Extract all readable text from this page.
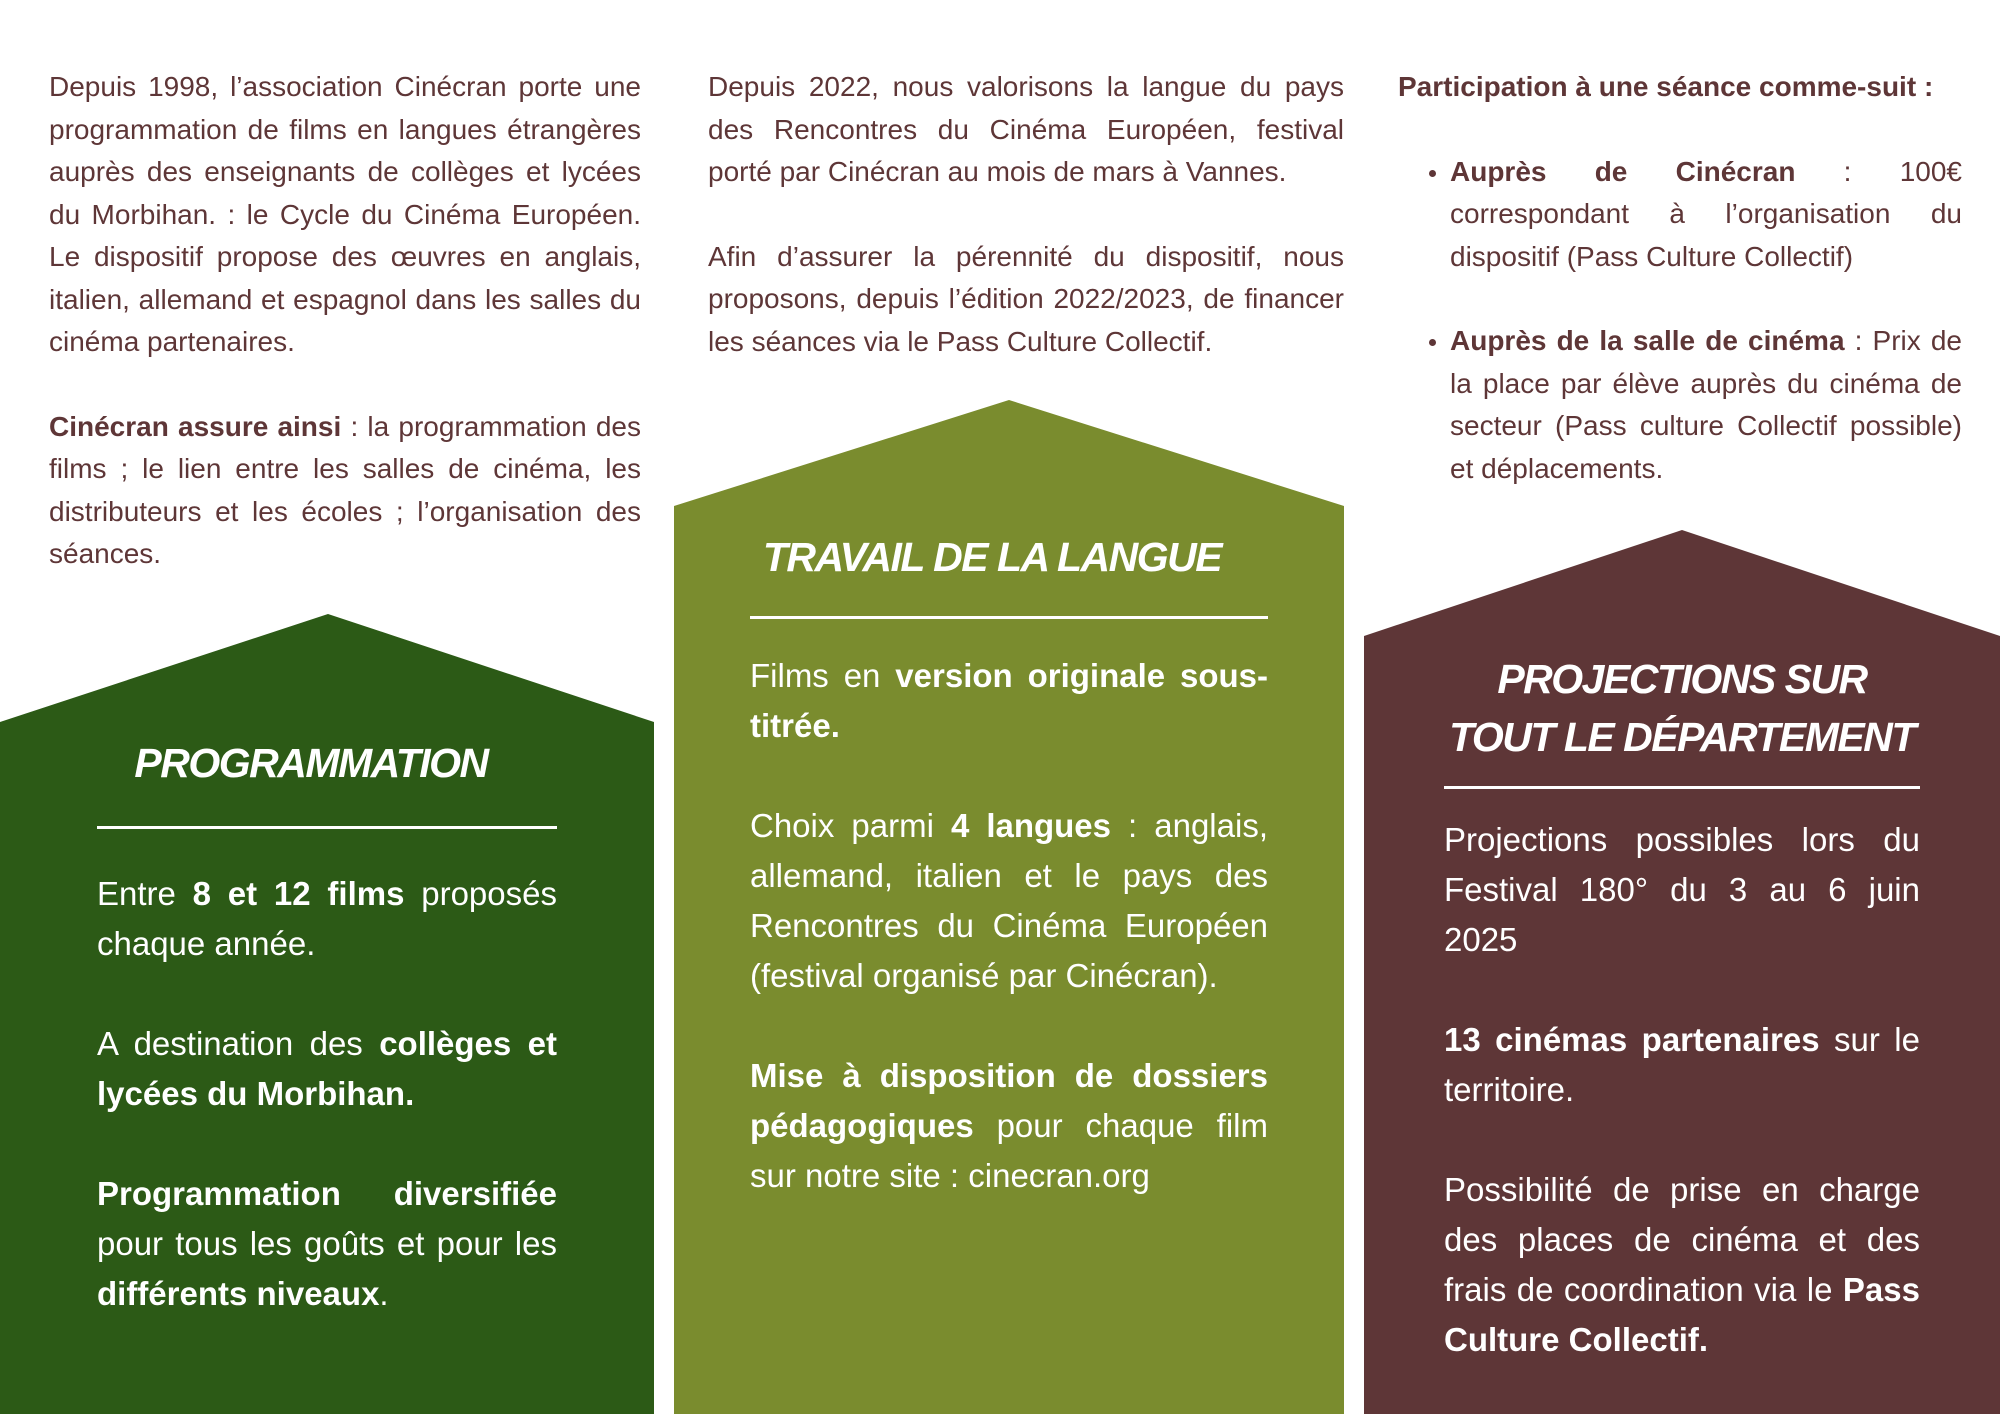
Depuis 1998, l’association Cinécran porte une programmation de films en langues étrangères auprès des enseignants de collèges et lycées du Morbihan. : le Cycle du Cinéma Européen. Le dispositif propose des œuvres en anglais, italien, allemand et espagnol dans les salles du cinéma partenaires.

Cinécran assure ainsi : la programmation des films ; le lien entre les salles de cinéma, les distributeurs et les écoles ; l’organisation des séances.

Depuis 2022, nous valorisons la langue du pays des Rencontres du Cinéma Européen, festival porté par Cinécran au mois de mars à Vannes.

Afin d’assurer la pérennité du dispositif, nous proposons, depuis l’édition 2022/2023, de financer les séances via le Pass Culture Collectif.

Participation à une séance comme-suit :

• Auprès de Cinécran : 100€ correspondant à l’organisation du dispositif (Pass Culture Collectif)
• Auprès de la salle de cinéma : Prix de la place par élève auprès du cinéma de secteur (Pass culture Collectif possible) et déplacements.
PROGRAMMATION

Entre 8 et 12 films proposés chaque année.

A destination des collèges et lycées du Morbihan.

Programmation diversifiée pour tous les goûts et pour les différents niveaux.

TRAVAIL DE LA LANGUE

Films en version originale sous-titrée.

Choix parmi 4 langues : anglais, allemand, italien et le pays des Rencontres du Cinéma Européen (festival organisé par Cinécran).

Mise à disposition de dossiers pédagogiques pour chaque film sur notre site : cinecran.org

PROJECTIONS SUR
TOUT LE DÉPARTEMENT

Projections possibles lors du Festival 180° du 3 au 6 juin 2025

13 cinémas partenaires sur le territoire.

Possibilité de prise en charge des places de cinéma et des frais de coordination via le Pass Culture Collectif.
